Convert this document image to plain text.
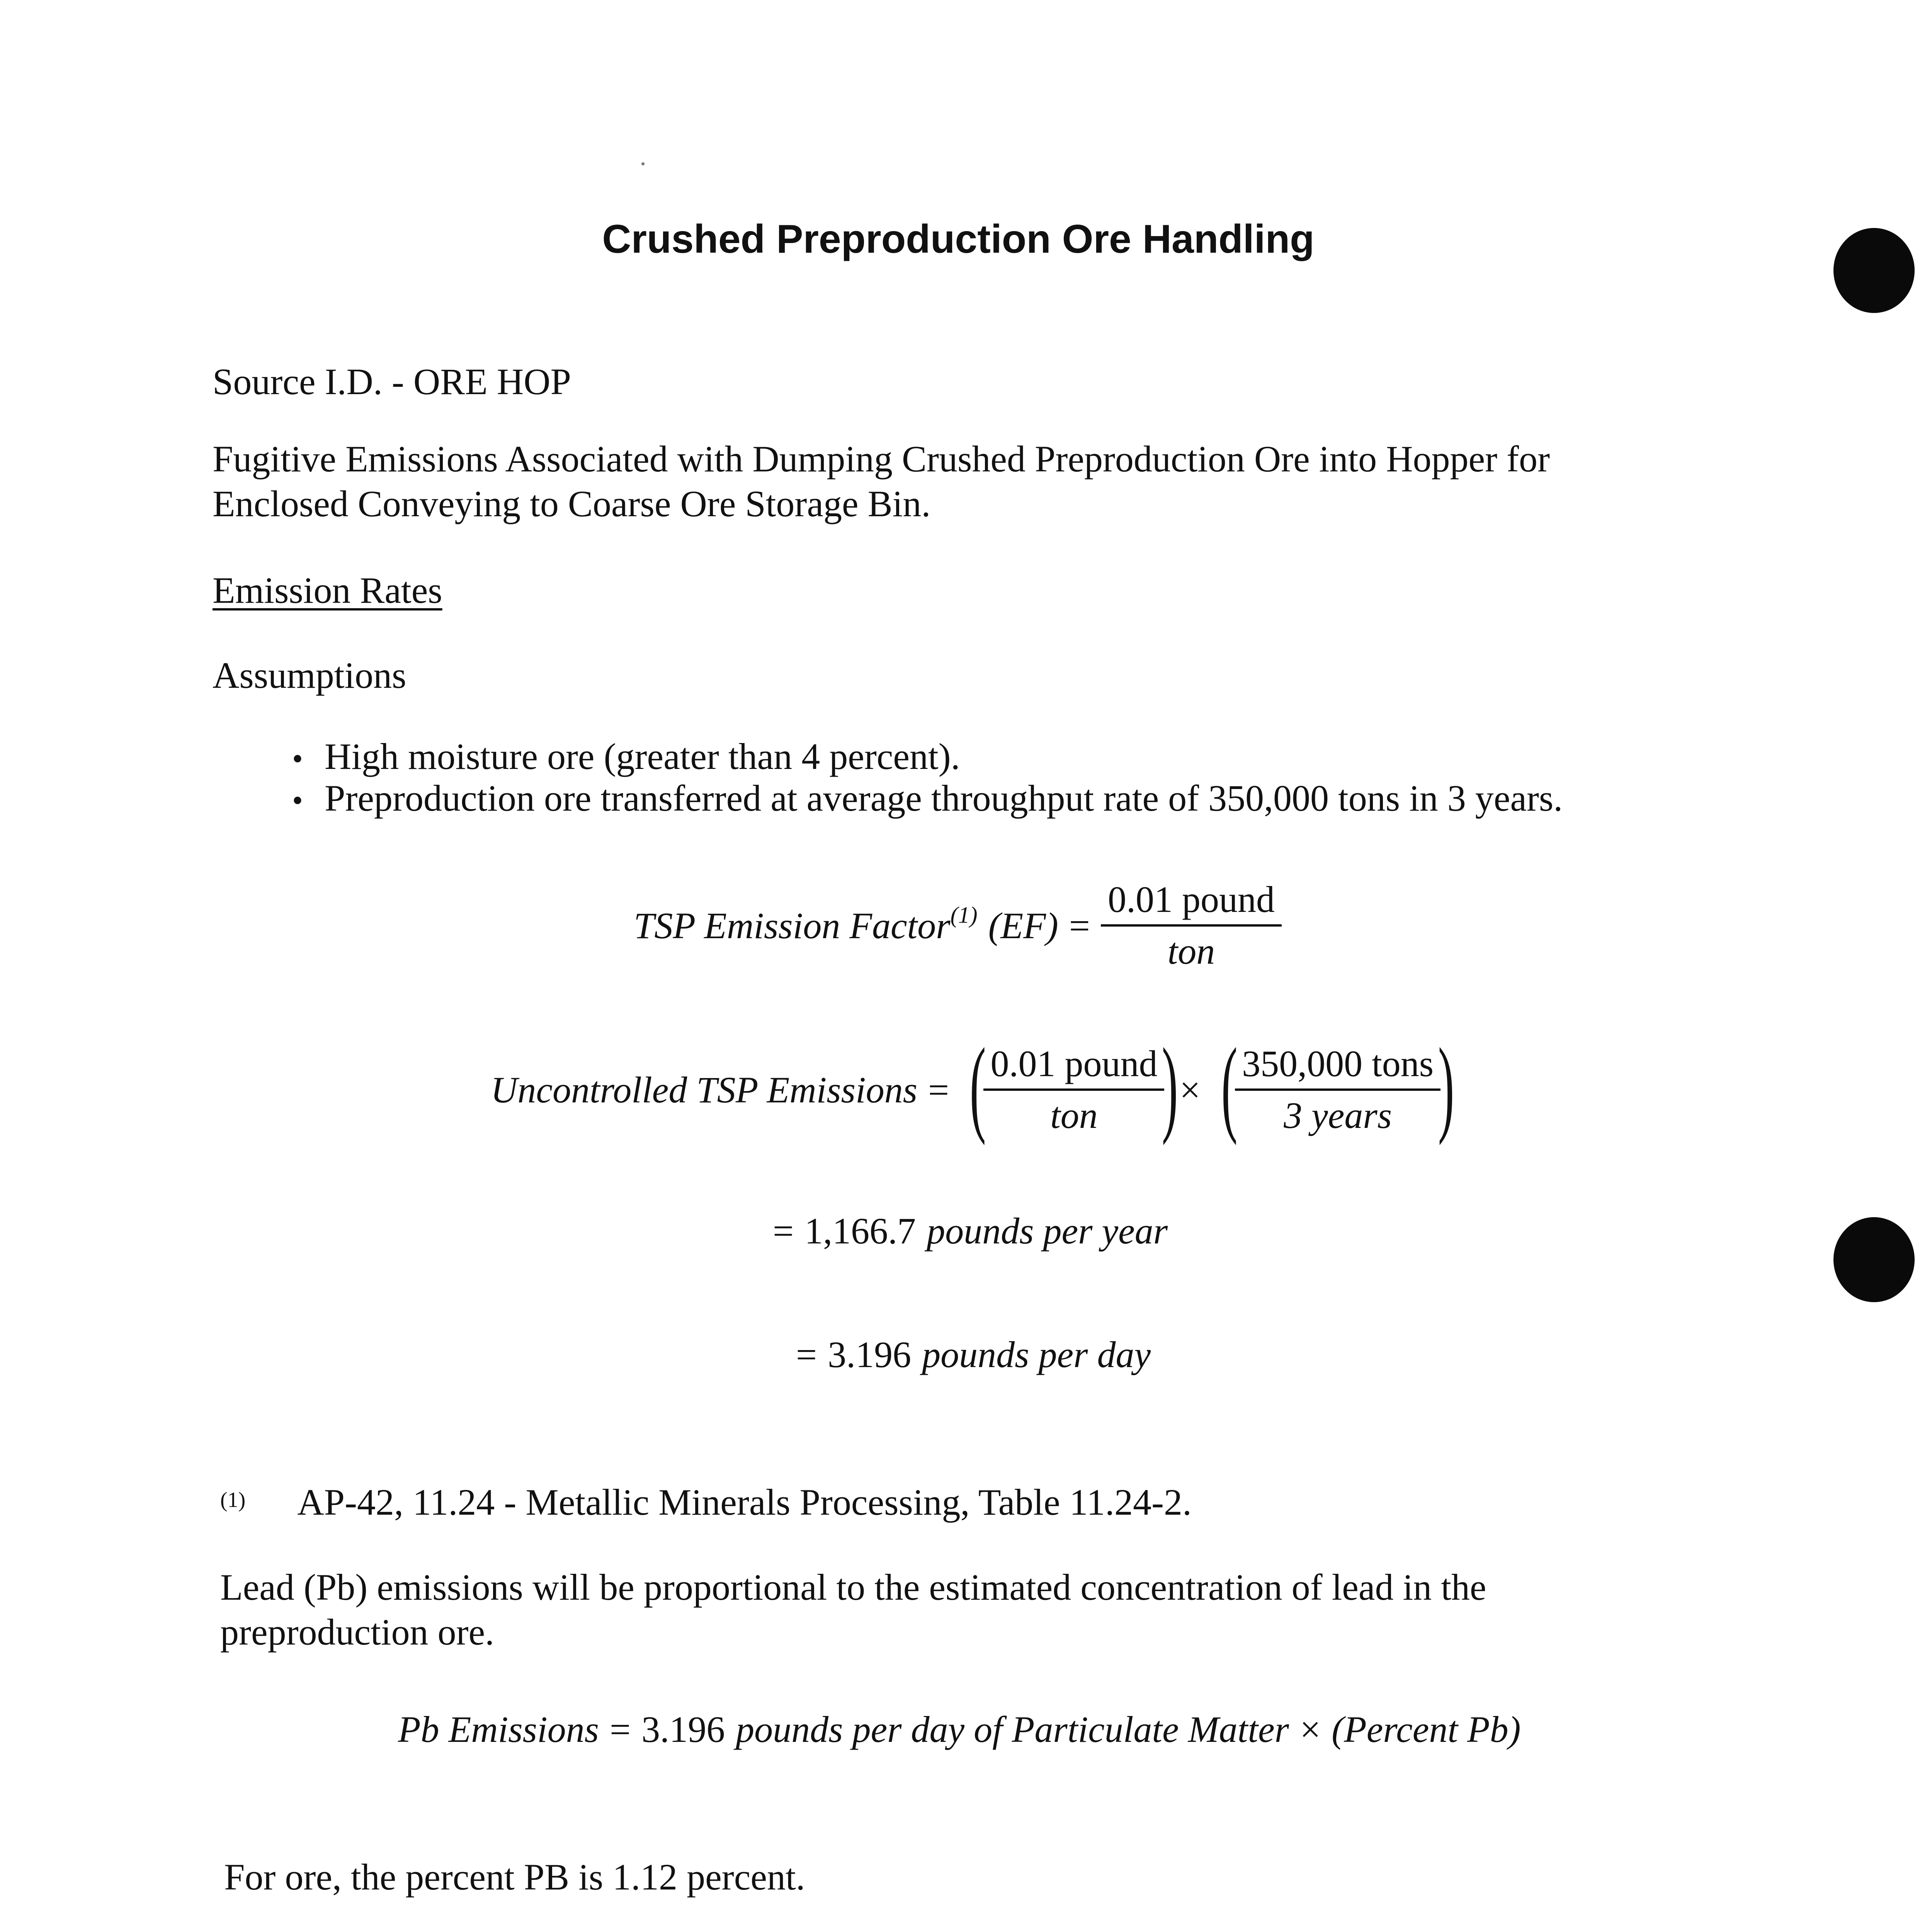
Crushed Preproduction Ore Handling
Source I.D. - ORE HOP
Fugitive Emissions Associated with Dumping Crushed Preproduction Ore into Hopper for
Enclosed Conveying to Coarse Ore Storage Bin.
Emission Rates
Assumptions
• High moisture ore (greater than 4 percent).
• Preproduction ore transferred at average throughput rate of 350,000 tons in 3 years.
TSP Emission Factor$^{(1)}$ $(EF) = \frac{\text{0.01 pound}}{\text{ton}}$
Uncontrolled TSP Emissions = (
$\frac{\text{0.01 pound}}{\text{ton}}$
) × (
$\frac{\text{350,000 tons}}{\text{3 years}}$
)
= 1,166.7 pounds per year
= 3.196 pounds per day
$^{(1)}$ AP-42, 11.24 - Metallic Minerals Processing, Table 11.24-2.
Lead (Pb) emissions will be proportional to the estimated concentration of lead in the
preproduction ore.
Pb Emissions = 3.196 pounds per day of Particulate Matter × (Percent Pb)
For ore, the percent PB is 1.12 percent.
